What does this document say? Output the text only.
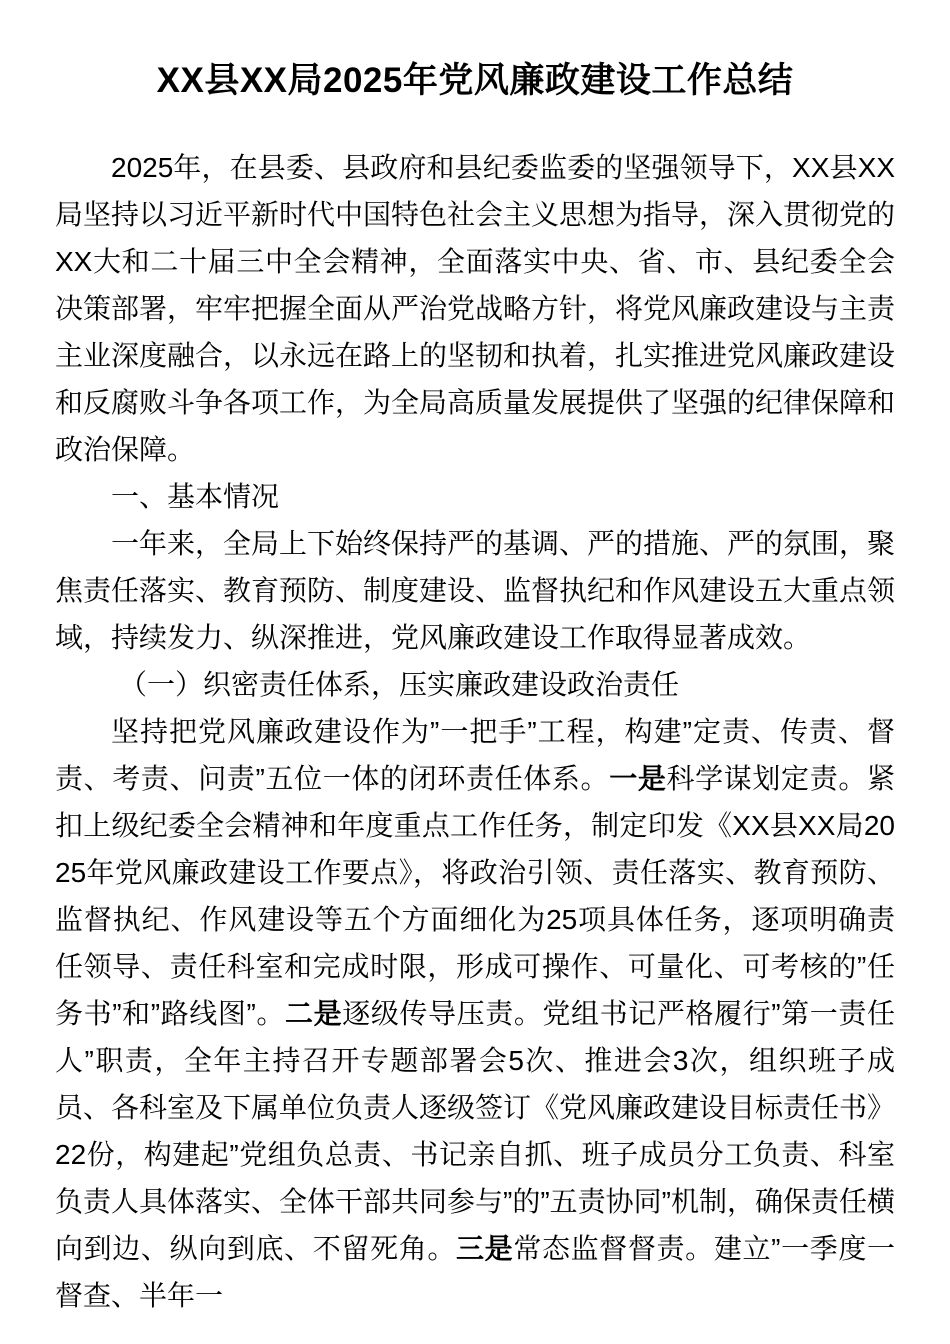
XX县XX局2025年党风廉政建设工作总结

2025年，在县委、县政府和县纪委监委的坚强领导下，XX县XX局坚持以习近平新时代中国特色社会主义思想为指导，深入贯彻党的XX大和二十届三中全会精神，全面落实中央、省、市、县纪委全会决策部署，牢牢把握全面从严治党战略方针，将党风廉政建设与主责主业深度融合，以永远在路上的坚韧和执着，扎实推进党风廉政建设和反腐败斗争各项工作，为全局高质量发展提供了坚强的纪律保障和政治保障。

一、基本情况

一年来，全局上下始终保持严的基调、严的措施、严的氛围，聚焦责任落实、教育预防、制度建设、监督执纪和作风建设五大重点领域，持续发力、纵深推进，党风廉政建设工作取得显著成效。

（一）织密责任体系，压实廉政建设政治责任

坚持把党风廉政建设作为”一把手”工程，构建”定责、传责、督责、考责、问责”五位一体的闭环责任体系。一是科学谋划定责。紧扣上级纪委全会精神和年度重点工作任务，制定印发《XX县XX局2025年党风廉政建设工作要点》，将政治引领、责任落实、教育预防、监督执纪、作风建设等五个方面细化为25项具体任务，逐项明确责任领导、责任科室和完成时限，形成可操作、可量化、可考核的”任务书”和”路线图”。二是逐级传导压责。党组书记严格履行”第一责任人”职责，全年主持召开专题部署会5次、推进会3次，组织班子成员、各科室及下属单位负责人逐级签订《党风廉政建设目标责任书》22份，构建起”党组负总责、书记亲自抓、班子成员分工负责、科室负责人具体落实、全体干部共同参与”的”五责协同”机制，确保责任横向到边、纵向到底、不留死角。三是常态监督督责。建立”一季度一督查、半年一
